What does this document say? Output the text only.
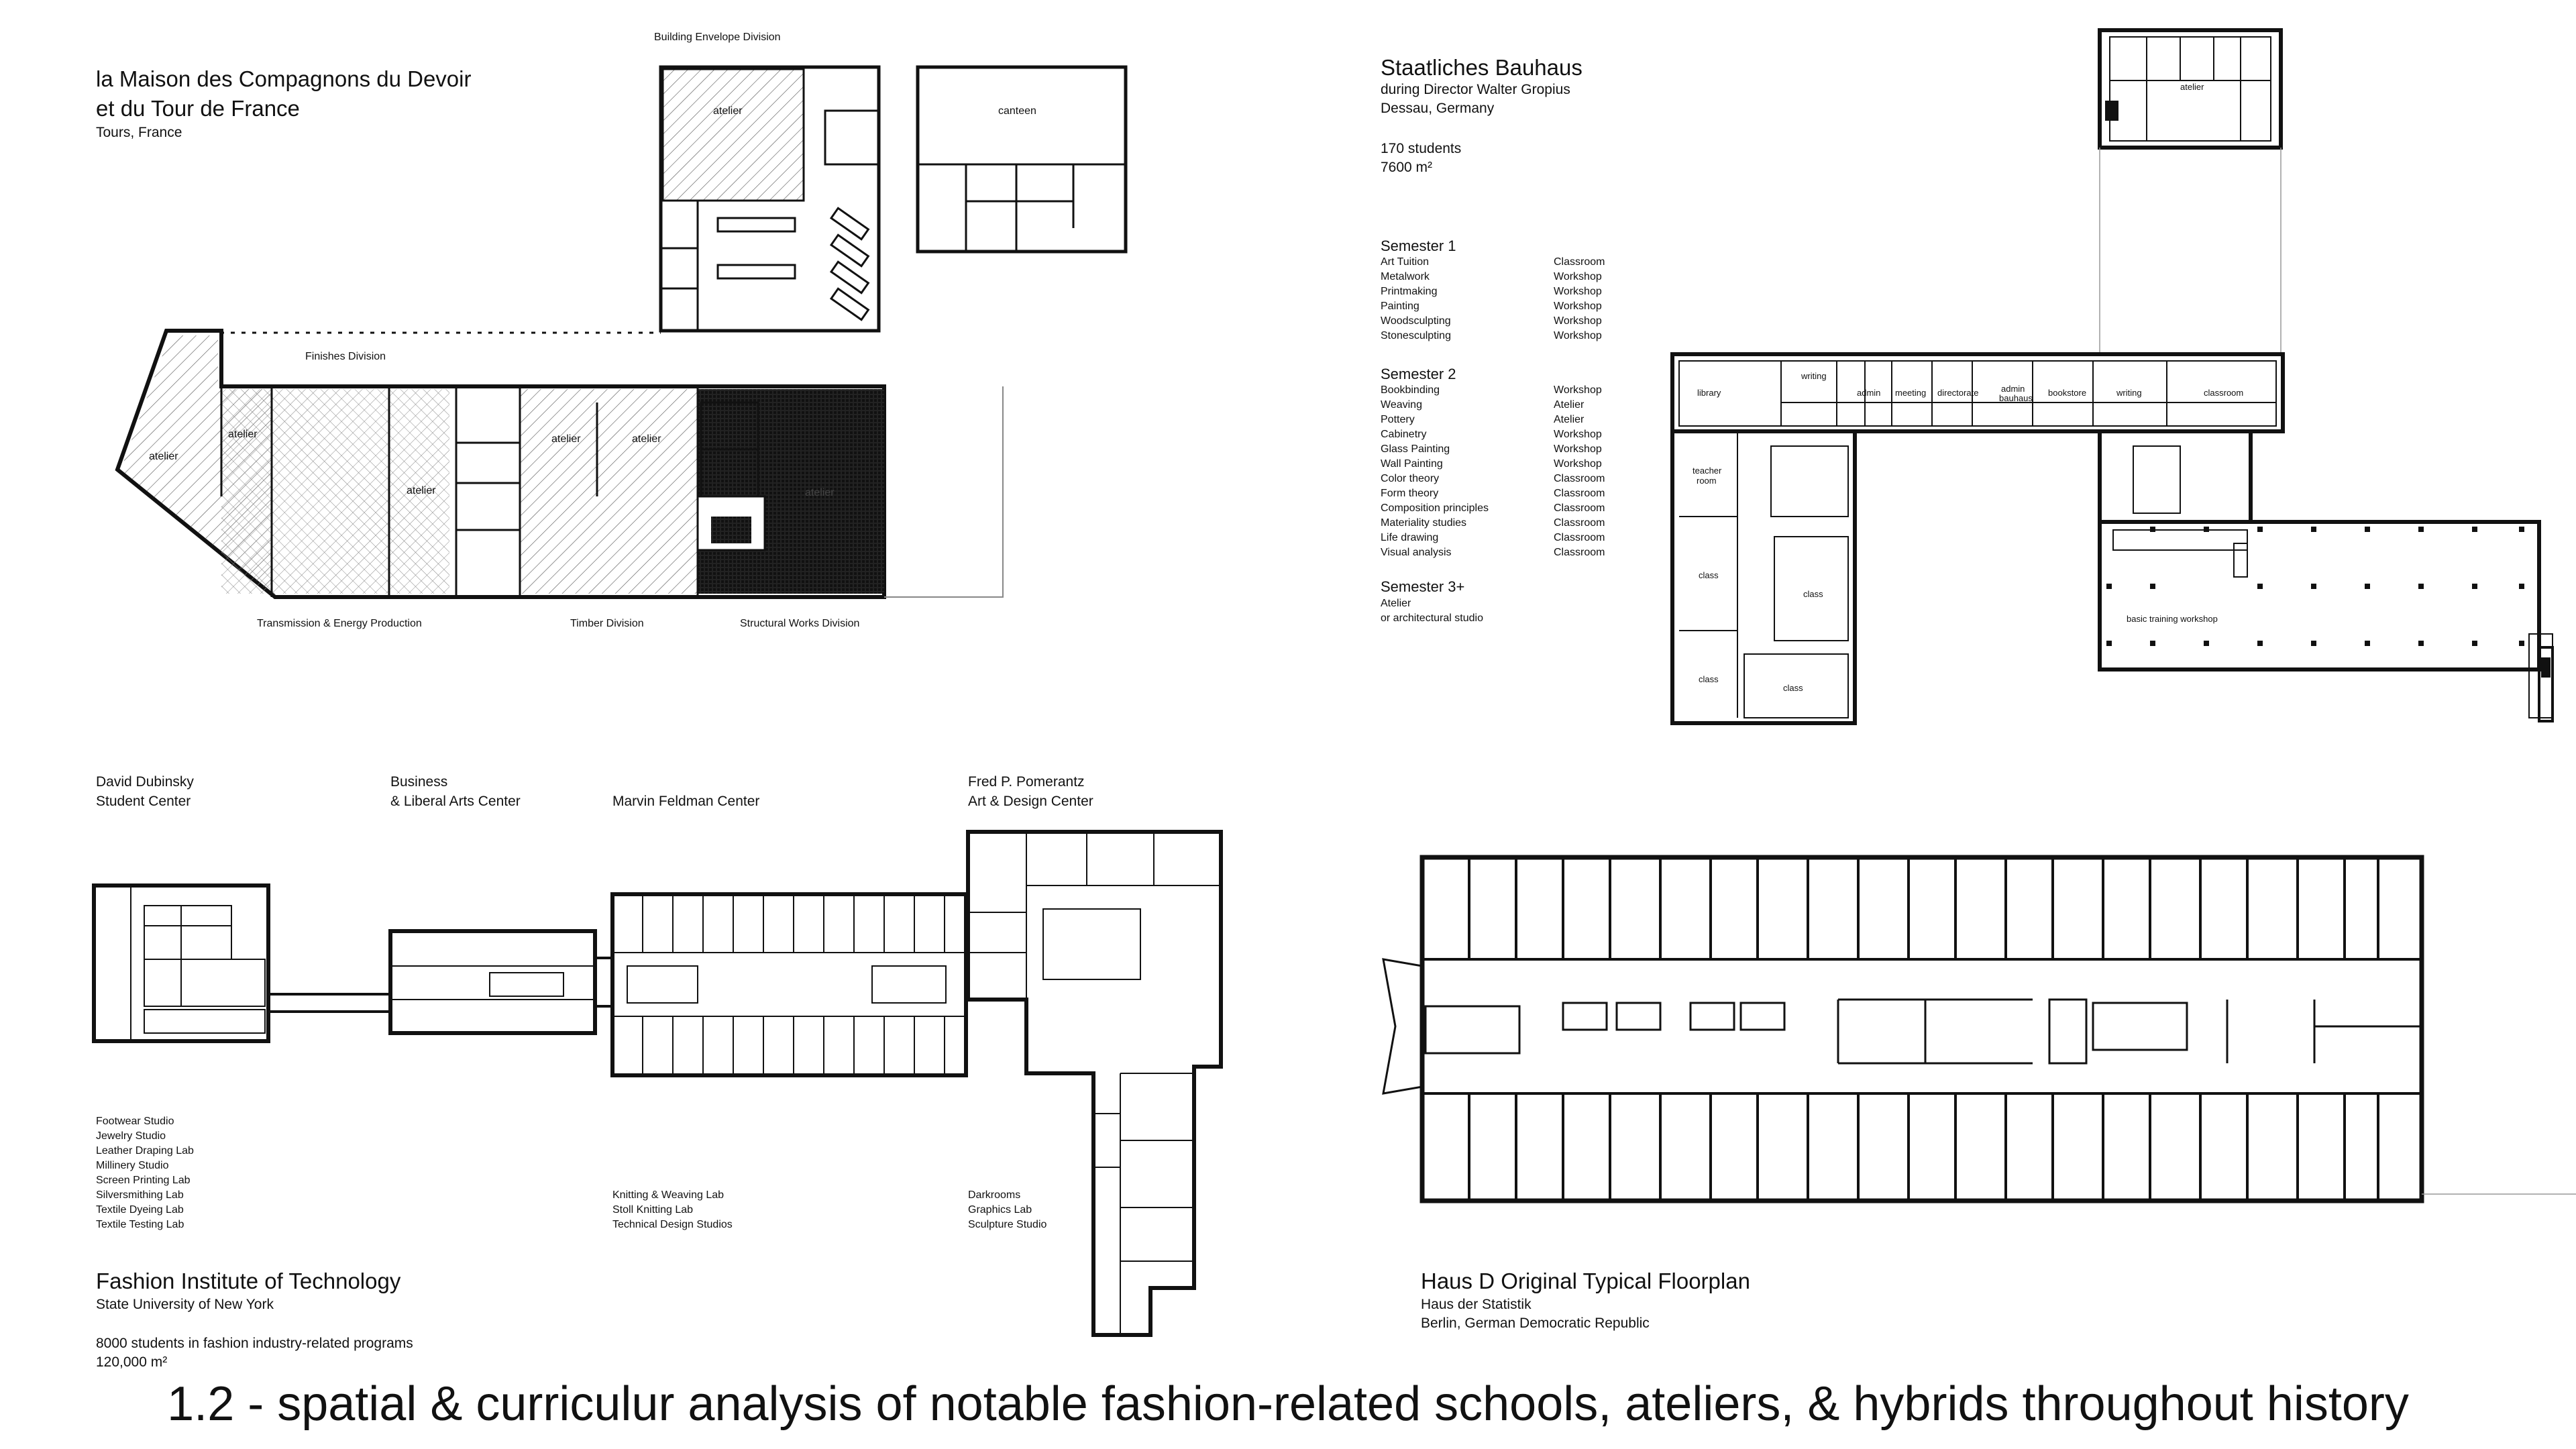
la Maison des Compagnons du Devoir
et du Tour de France
Tours, France
Building Envelope Division
atelier	canteen
Finishes Division
atelier
atelier
atelier
atelier	atelier
atelier
Transmission & Energy Production	Timber Division	Structural Works Division
Staatliches Bauhaus
during Director Walter Gropius
Dessau, Germany
170 students
7600 m²
Semester 1
Art Tuition	Classroom
Metalwork	Workshop
Printmaking	Workshop
Painting	Workshop
Woodsculpting	Workshop
Stonesculpting	Workshop
Semester 2
Bookbinding	Workshop
Weaving	Atelier
Pottery	Atelier
Cabinetry	Workshop
Glass Painting	Workshop
Wall Painting	Workshop
Color theory	Classroom
Form theory	Classroom
Composition principles	Classroom
Materiality studies	Classroom
Life drawing	Classroom
Visual analysis	Classroom
Semester 3+
Atelier
or architectural studio
atelier
library
writing
admin meeting directorate	admin
bauhaus
bookstore	writing	classroom
teacher
room
class
class
class
class
basic training workshop
David Dubinsky
Student Center
Business
& Liberal Arts Center	Marvin Feldman Center
Fred P. Pomerantz
Art & Design Center
Footwear Studio
Jewelry Studio
Leather Draping Lab
Millinery Studio
Screen Printing Lab
Silversmithing Lab
Textile Dyeing Lab
Textile Testing Lab
Knitting & Weaving Lab
Stoll Knitting Lab
Technical Design Studios
Darkrooms
Graphics Lab
Sculpture Studio
Fashion Institute of Technology
State University of New York
8000 students in fashion industry-related programs
120,000 m²
Haus D Original Typical Floorplan
Haus der Statistik
Berlin, German Democratic Republic
1.2 - spatial & curriculur analysis of notable fashion-related schools, ateliers, & hybrids throughout history
